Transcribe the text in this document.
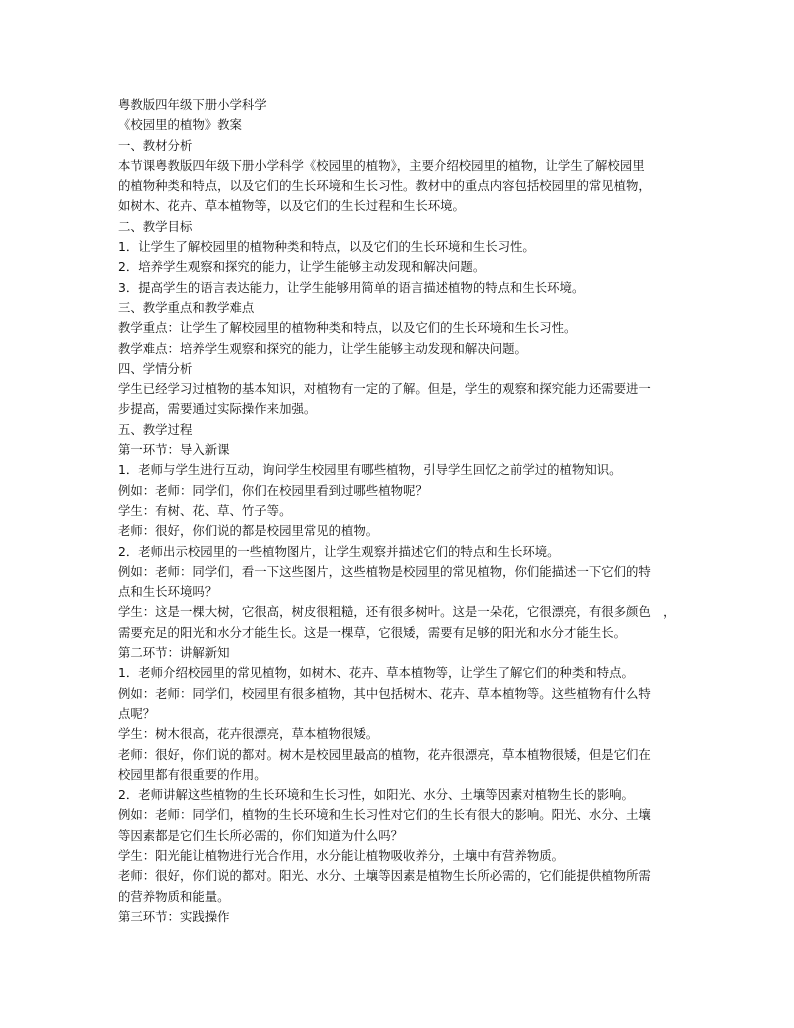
粤教版四年级下册小学科学
《校园里的植物》教案
一、教材分析
本节课粤教版四年级下册小学科学《校园里的植物》，主要介绍校园里的植物，让学生了解校园里
的植物种类和特点，以及它们的生长环境和生长习性。教材中的重点内容包括校园里的常见植物，
如树木、花卉、草本植物等，以及它们的生长过程和生长环境。
二、教学目标
1．让学生了解校园里的植物种类和特点，以及它们的生长环境和生长习性。
2．培养学生观察和探究的能力，让学生能够主动发现和解决问题。
3．提高学生的语言表达能力，让学生能够用简单的语言描述植物的特点和生长环境。
三、教学重点和教学难点
教学重点：让学生了解校园里的植物种类和特点，以及它们的生长环境和生长习性。
教学难点：培养学生观察和探究的能力，让学生能够主动发现和解决问题。
四、学情分析
学生已经学习过植物的基本知识，对植物有一定的了解。但是，学生的观察和探究能力还需要进一
步提高，需要通过实际操作来加强。
五、教学过程
第一环节：导入新课
1．老师与学生进行互动，询问学生校园里有哪些植物，引导学生回忆之前学过的植物知识。
例如：老师：同学们，你们在校园里看到过哪些植物呢？
学生：有树、花、草、竹子等。
老师：很好，你们说的都是校园里常见的植物。
2．老师出示校园里的一些植物图片，让学生观察并描述它们的特点和生长环境。
例如：老师：同学们，看一下这些图片，这些植物是校园里的常见植物，你们能描述一下它们的特
点和生长环境吗？
学生：这是一棵大树，它很高，树皮很粗糙，还有很多树叶。这是一朵花，它很漂亮，有很多颜色　，
需要充足的阳光和水分才能生长。这是一棵草，它很矮，需要有足够的阳光和水分才能生长。
第二环节：讲解新知
1．老师介绍校园里的常见植物，如树木、花卉、草本植物等，让学生了解它们的种类和特点。
例如：老师：同学们，校园里有很多植物，其中包括树木、花卉、草本植物等。这些植物有什么特
点呢？
学生：树木很高，花卉很漂亮，草本植物很矮。
老师：很好，你们说的都对。树木是校园里最高的植物，花卉很漂亮，草本植物很矮，但是它们在
校园里都有很重要的作用。
2．老师讲解这些植物的生长环境和生长习性，如阳光、水分、土壤等因素对植物生长的影响。
例如：老师：同学们，植物的生长环境和生长习性对它们的生长有很大的影响。阳光、水分、土壤
等因素都是它们生长所必需的，你们知道为什么吗？
学生：阳光能让植物进行光合作用，水分能让植物吸收养分，土壤中有营养物质。
老师：很好，你们说的都对。阳光、水分、土壤等因素是植物生长所必需的，它们能提供植物所需
的营养物质和能量。
第三环节：实践操作
